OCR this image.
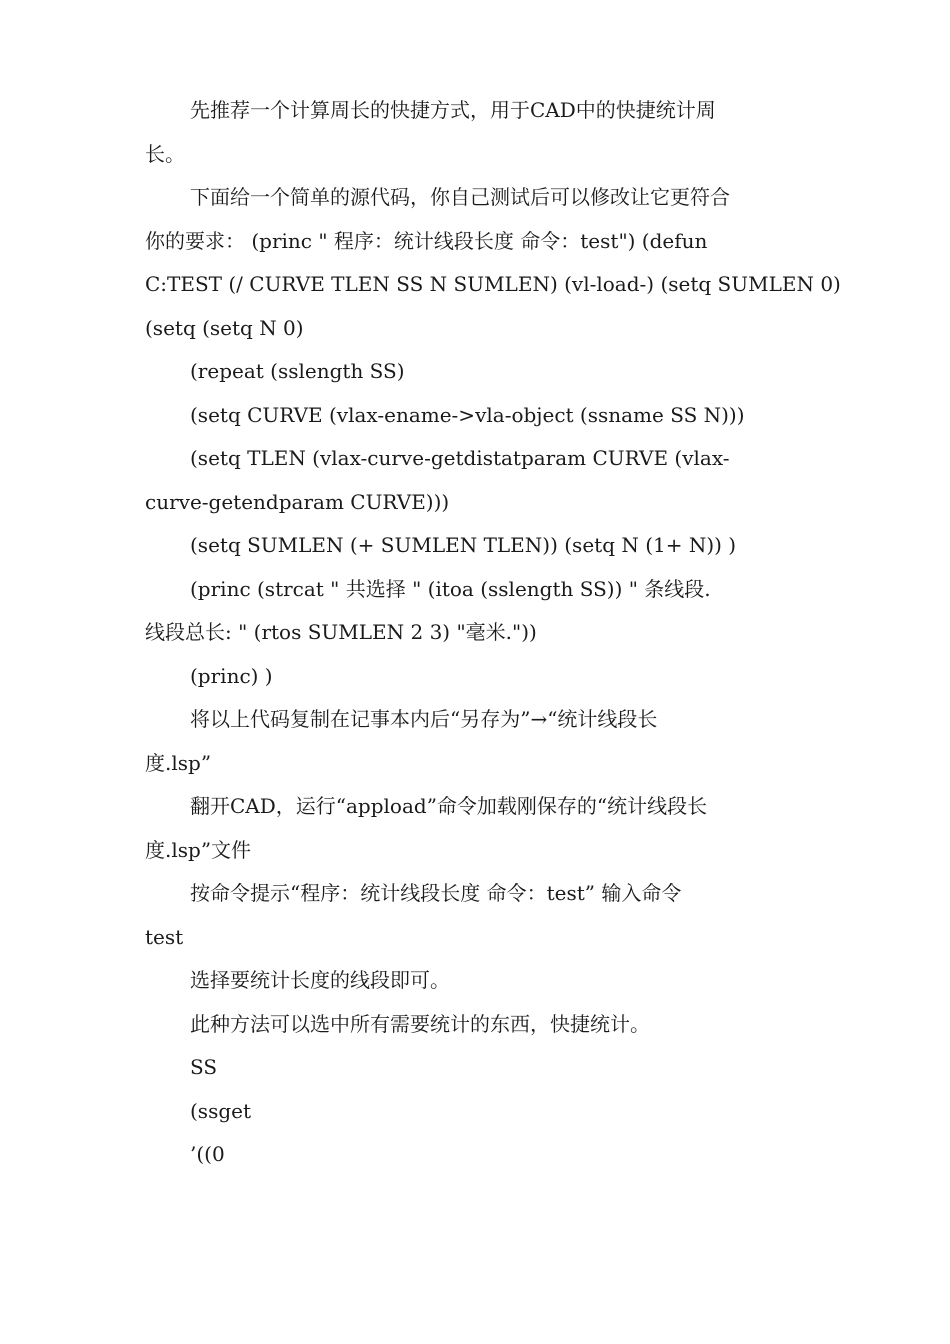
先推荐一个计算周长的快捷方式，用于CAD中的快捷统计周

长。

下面给一个简单的源代码，你自己测试后可以修改让它更符合

你的要求： (princ " 程序：统计线段长度 命令：test") (defun

C:TEST (/ CURVE TLEN SS N SUMLEN) (vl-load-) (setq SUMLEN 0)

(setq (setq N 0)

(repeat (sslength SS)

(setq CURVE (vlax-ename->vla-object (ssname SS N)))

(setq TLEN (vlax-curve-getdistatparam CURVE (vlax-

curve-getendparam CURVE)))

(setq SUMLEN (+ SUMLEN TLEN)) (setq N (1+ N)) )

(princ (strcat " 共选择 " (itoa (sslength SS)) " 条线段.

线段总长: " (rtos SUMLEN 2 3) "毫米."))

(princ) )

将以上代码复制在记事本内后“另存为”→“统计线段长

度.lsp”

翻开CAD，运行“appload”命令加载刚保存的“统计线段长

度.lsp”文件

按命令提示“程序：统计线段长度 命令：test” 输入命令

test

选择要统计长度的线段即可。

此种方法可以选中所有需要统计的东西，快捷统计。

SS

(ssget

’((0
